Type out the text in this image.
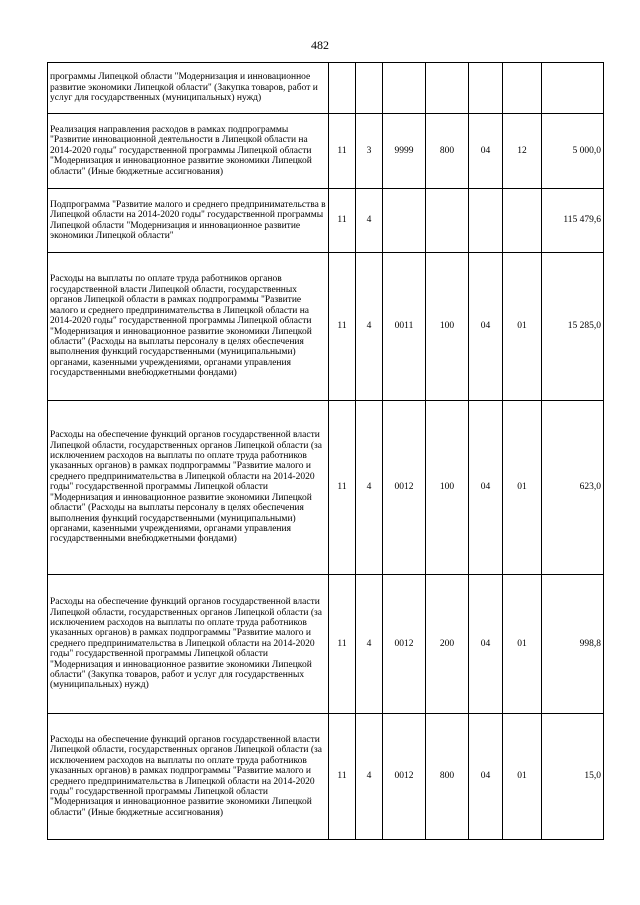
482
программы Липецкой области "Модернизация и инновационное развитие экономики Липецкой области" (Закупка товаров, работ и услуг для государственных (муниципальных) нужд)							
Реализация направления расходов в рамках подпрограммы "Развитие инновационной деятельности в Липецкой области на 2014-2020 годы" государственной программы Липецкой области "Модернизация и инновационное развитие экономики Липецкой области" (Иные бюджетные ассигнования)	11	3	9999	800	04	12	5 000,0
Подпрограмма "Развитие малого и среднего предпринимательства в Липецкой области на 2014-2020 годы" государственной программы Липецкой области "Модернизация и инновационное развитие экономики Липецкой области"	11	4					115 479,6
Расходы на выплаты по оплате труда работников органов государственной власти Липецкой области, государственных органов Липецкой области в рамках подпрограммы "Развитие малого и среднего предпринимательства в Липецкой области на 2014-2020 годы" государственной программы Липецкой области "Модернизация и инновационное развитие экономики Липецкой области" (Расходы на выплаты персоналу в целях обеспечения выполнения функций государственными (муниципальными) органами, казенными учреждениями, органами управления государственными внебюджетными фондами)	11	4	0011	100	04	01	15 285,0
Расходы на обеспечение функций органов государственной власти Липецкой области, государственных органов Липецкой области (за исключением расходов на выплаты по оплате труда работников указанных органов) в рамках подпрограммы "Развитие малого и среднего предпринимательства в Липецкой области на 2014-2020 годы" государственной программы Липецкой области "Модернизация и инновационное развитие экономики Липецкой области" (Расходы на выплаты персоналу в целях обеспечения выполнения функций государственными (муниципальными) органами, казенными учреждениями, органами управления государственными внебюджетными фондами)	11	4	0012	100	04	01	623,0
Расходы на обеспечение функций органов государственной власти Липецкой области, государственных органов Липецкой области (за исключением расходов на выплаты по оплате труда работников указанных органов) в рамках подпрограммы "Развитие малого и среднего предпринимательства в Липецкой области на 2014-2020 годы" государственной программы Липецкой области "Модернизация и инновационное развитие экономики Липецкой области" (Закупка товаров, работ и услуг для государственных (муниципальных) нужд)	11	4	0012	200	04	01	998,8
Расходы на обеспечение функций органов государственной власти Липецкой области, государственных органов Липецкой области (за исключением расходов на выплаты по оплате труда работников указанных органов) в рамках подпрограммы "Развитие малого и среднего предпринимательства в Липецкой области на 2014-2020 годы" государственной программы Липецкой области "Модернизация и инновационное развитие экономики Липецкой области" (Иные бюджетные ассигнования)	11	4	0012	800	04	01	15,0
